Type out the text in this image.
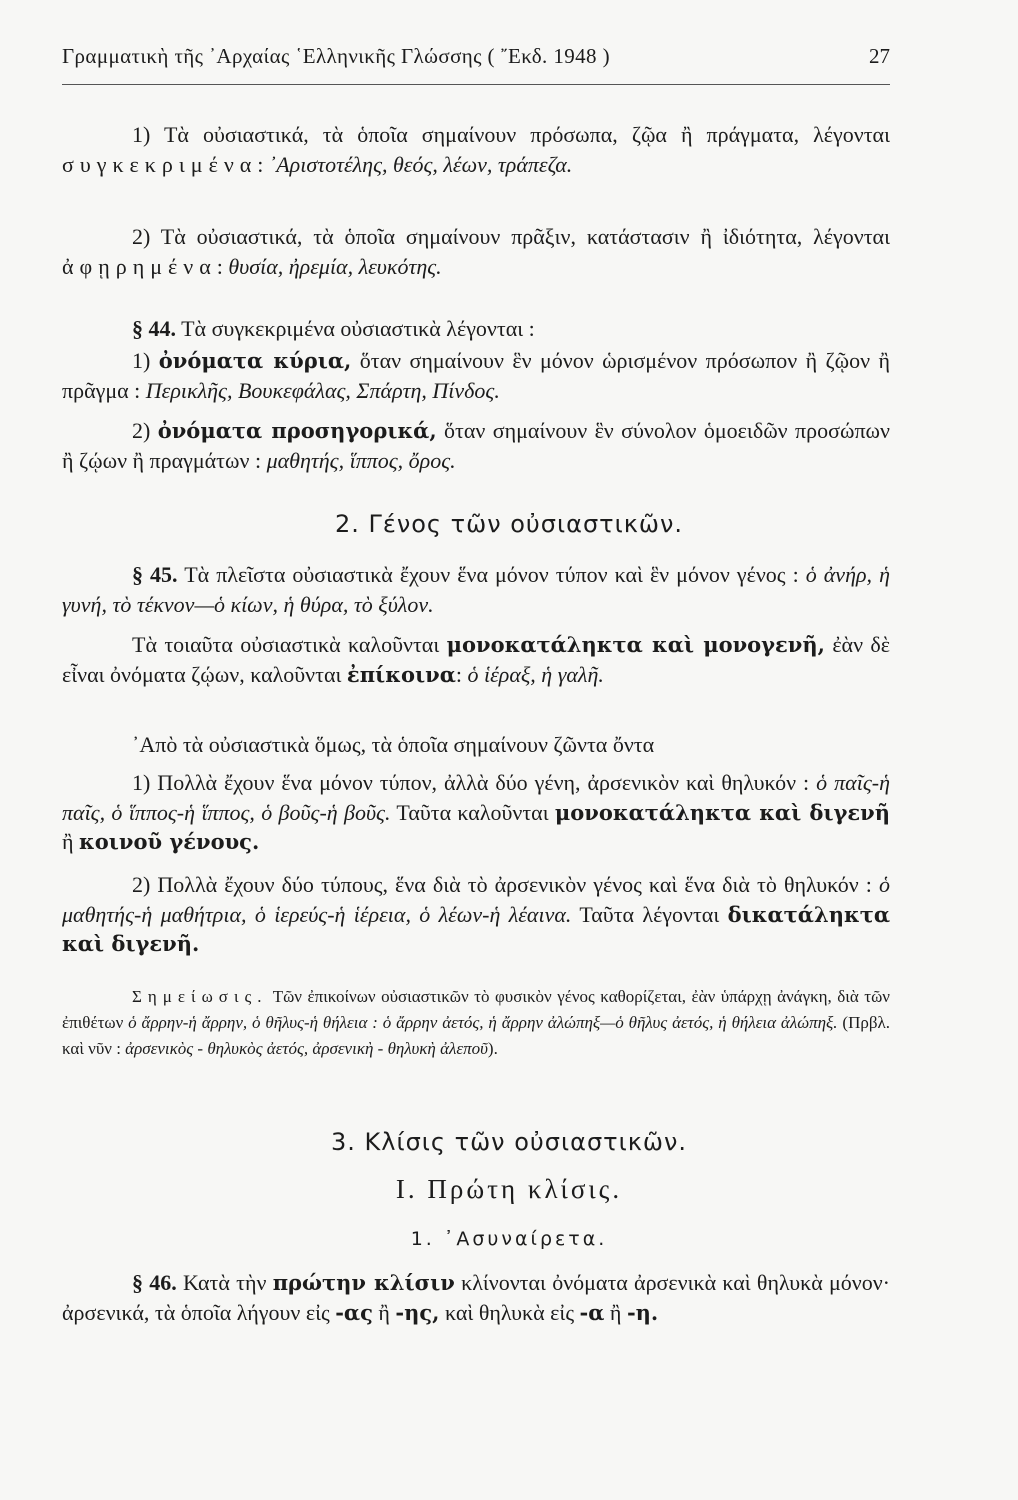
Γραμματικὴ τῆς ᾿Αρχαίας ῾Ελληνικῆς Γλώσσης ( ῎Εκδ. 1948 )	27

1) Τὰ οὐσιαστικά, τὰ ὁποῖα σημαίνουν πρόσωπα, ζῷα ἢ πράγματα, λέγονται συγκεκριμένα: ᾿Αριστοτέλης, θεός, λέων, τράπεζα.

2) Τὰ οὐσιαστικά, τὰ ὁποῖα σημαίνουν πρᾶξιν, κατάστασιν ἢ ἰδιότητα, λέγονται ἀφῃρημένα: θυσία, ἠρεμία, λευκότης.

§ 44. Τὰ συγκεκριμένα οὐσιαστικὰ λέγονται :

1) ὀνόματα κύρια, ὅταν σημαίνουν ἓν μόνον ὡρισμένον πρόσωπον ἢ ζῷον ἢ πρᾶγμα : Περικλῆς, Βουκεφάλας, Σπάρτη, Πίνδος.

2) ὀνόματα προσηγορικά, ὅταν σημαίνουν ἓν σύνολον ὁμοειδῶν προσώπων ἢ ζῴων ἢ πραγμάτων : μαθητής, ἵππος, ὄρος.

2. Γένος τῶν οὐσιαστικῶν.

§ 45. Τὰ πλεῖστα οὐσιαστικὰ ἔχουν ἕνα μόνον τύπον καὶ ἓν μόνον γένος : ὁ ἀνήρ, ἡ γυνή, τὸ τέκνον—ὁ κίων, ἡ θύρα, τὸ ξύλον.

Τὰ τοιαῦτα οὐσιαστικὰ καλοῦνται μονοκατάληκτα καὶ μονογενῆ, ἐὰν δὲ εἶναι ὀνόματα ζῴων, καλοῦνται ἐπίκοινα: ὁ ἱέραξ, ἡ γαλῆ.

᾿Απὸ τὰ οὐσιαστικὰ ὅμως, τὰ ὁποῖα σημαίνουν ζῶντα ὄντα

1) Πολλὰ ἔχουν ἕνα μόνον τύπον, ἀλλὰ δύο γένη, ἀρσενικὸν καὶ θηλυκόν : ὁ παῖς-ἡ παῖς, ὁ ἵππος-ἡ ἵππος, ὁ βοῦς-ἡ βοῦς. Ταῦτα καλοῦνται μονοκατάληκτα καὶ διγενῆ ἢ κοινοῦ γένους.

2) Πολλὰ ἔχουν δύο τύπους, ἕνα διὰ τὸ ἀρσενικὸν γένος καὶ ἕνα διὰ τὸ θηλυκόν : ὁ μαθητής-ἡ μαθήτρια, ὁ ἱερεύς-ἡ ἱέρεια, ὁ λέων-ἡ λέαινα. Ταῦτα λέγονται δικατάληκτα καὶ διγενῆ.

Σημείωσις. Τῶν ἐπικοίνων οὐσιαστικῶν τὸ φυσικὸν γένος καθορίζεται, ἐὰν ὑπάρχῃ ἀνάγκη, διὰ τῶν ἐπιθέτων ὁ ἄρρην-ἡ ἄρρην, ὁ θῆλυς-ἡ θήλεια : ὁ ἄρρην ἀετός, ἡ ἄρρην ἀλώπηξ—ὁ θῆλυς ἀετός, ἡ θήλεια ἀλώπηξ. (Πρβλ. καὶ νῦν : ἀρσενικὸς - θηλυκὸς ἀετός, ἀρσενικὴ - θηλυκὴ ἀλεποῦ).

3. Κλίσις τῶν οὐσιαστικῶν.
I. Πρώτη κλίσις.
1. ᾿Ασυναίρετα.

§ 46. Κατὰ τὴν πρώτην κλίσιν κλίνονται ὀνόματα ἀρσενικὰ καὶ θηλυκὰ μόνον· ἀρσενικά, τὰ ὁποῖα λήγουν εἰς -ας ἢ -ης, καὶ θηλυκὰ εἰς -α ἢ -η.
